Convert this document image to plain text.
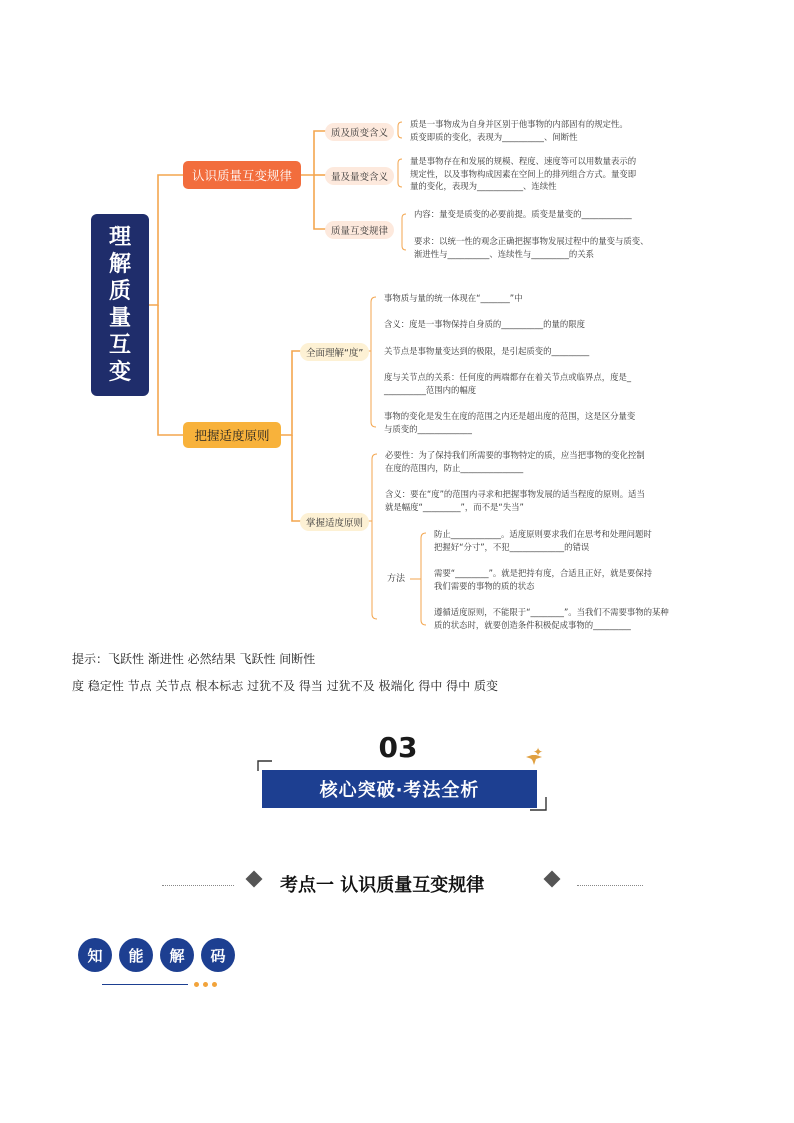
理
解
质
量
互
变
认识质量互变规律
质及质变含义
量及量变含义
质量互变规律
质是一事物成为自身并区别于他事物的内部固有的规定性。
质变即质的变化，表现为__________、间断性
量是事物存在和发展的规模、程度、速度等可以用数量表示的
规定性，以及事物构成因素在空间上的排列组合方式。量变即
量的变化，表现为___________、连续性
内容：量变是质变的必要前提。质变是量变的____________
要求：以统一性的观念正确把握事物发展过程中的量变与质变、
渐进性与__________、连续性与_________的关系
把握适度原则
全面理解“度”
掌握适度原则
事物质与量的统一体现在“_______”中
含义：度是一事物保持自身质的__________的量的限度
关节点是事物量变达到的极限，是引起质变的_________
度与关节点的关系：任何度的两端都存在着关节点或临界点，度是_
__________范围内的幅度
事物的变化是发生在度的范围之内还是超出度的范围，这是区分量变
与质变的_____________
必要性：为了保持我们所需要的事物特定的质，应当把事物的变化控制
在度的范围内，防止_______________
含义：要在“度”的范围内寻求和把握事物发展的适当程度的原则。适当
就是幅度“_________”，而不是“失当”
方法
防止____________。适度原则要求我们在思考和处理问题时
把握好“分寸”，不犯_____________的错误
需要“________”。就是把持有度，合适且正好，就是要保持
我们需要的事物的质的状态
遵循适度原则，不能限于“________”。当我们不需要事物的某种
质的状态时，就要创造条件积极促成事物的_________
提示：飞跃性 渐进性 必然结果 飞跃性 间断性
度 稳定性 节点 关节点 根本标志 过犹不及 得当 过犹不及 极端化 得中 得中 质变
03	✦
✦
核心突破·考法全析
考点一 认识质量互变规律
知	能	解	码
